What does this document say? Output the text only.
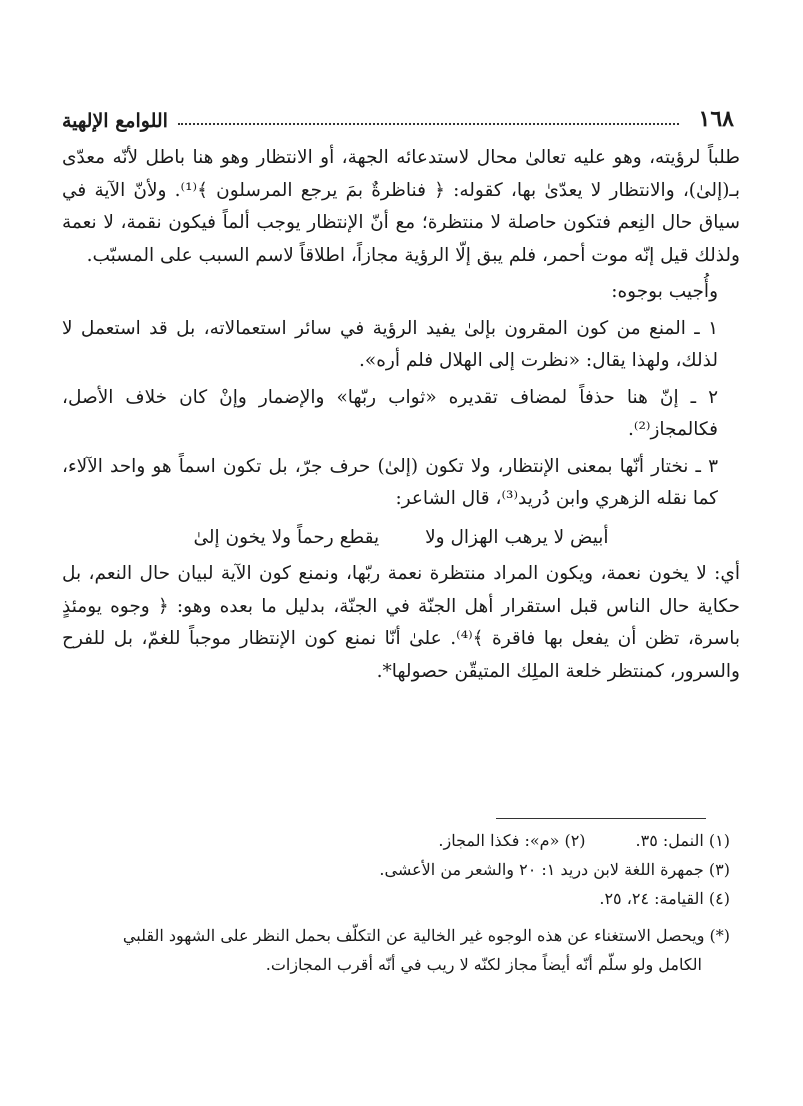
١٦٨
اللوامع الإلهية

طلباً لرؤيته، وهو عليه تعالىٰ محال لاستدعائه الجهة، أو الانتظار وهو هنا باطل لأنّه معدّى بـ(إلىٰ)، والانتظار لا يعدّىٰ بها، كقوله: ﴿ فناظرةٌ بمَ يرجع المرسلون ﴾⁽¹⁾. ولأنّ الآية في سياق حال النِعم فتكون حاصلة لا منتظرة؛ مع أنّ الإنتظار يوجب ألماً فيكون نقمة، لا نعمة ولذلك قيل إنّه موت أحمر، فلم يبق إلّا الرؤية مجازاً، اطلاقاً لاسم السبب على المسبّب.

وأُجيب بوجوه:

١ ـ المنع من كون المقرون بإلىٰ يفيد الرؤية في سائر استعمالاته، بل قد استعمل لا لذلك، ولهذا يقال: «نظرت إلى الهلال فلم أره».

٢ ـ إنّ هنا حذفاً لمضاف تقديره «ثواب ربّها» والإضمار وإنْ كان خلاف الأصل، فكالمجاز⁽²⁾.

٣ ـ نختار أنّها بمعنى الإنتظار، ولا تكون (إلىٰ) حرف جرّ، بل تكون اسماً هو واحد الآلاء، كما نقله الزهري وابن دُريد⁽³⁾، قال الشاعر:

أبيض لا يرهب الهزال ولا
يقطع رحماً ولا يخون إلىٰ

أي: لا يخون نعمة، ويكون المراد منتظرة نعمة ربّها، ونمنع كون الآية لبيان حال النعم، بل حكاية حال الناس قبل استقرار أهل الجنّة في الجنّة، بدليل ما بعده وهو: ﴿ وجوه يومئذٍ باسرة، تظن أن يفعل بها فاقرة ﴾⁽⁴⁾. علىٰ أنّا نمنع كون الإنتظار موجباً للغمّ، بل للفرح والسرور، كمنتظر خلعة الملِك المتيقّن حصولها*.

(١) النمل: ٣٥.
(٢) «م»: فكذا المجاز.

(٣) جمهرة اللغة لابن دريد ١: ٢٠ والشعر من الأعشى.

(٤) القيامة: ٢٤، ٢٥.

(*) ويحصل الاستغناء عن هذه الوجوه غير الخالية عن التكلّف بحمل النظر على الشهود القلبي

الكامل ولو سلّم أنّه أيضاً مجاز لكنّه لا ريب في أنّه أقرب المجازات.
